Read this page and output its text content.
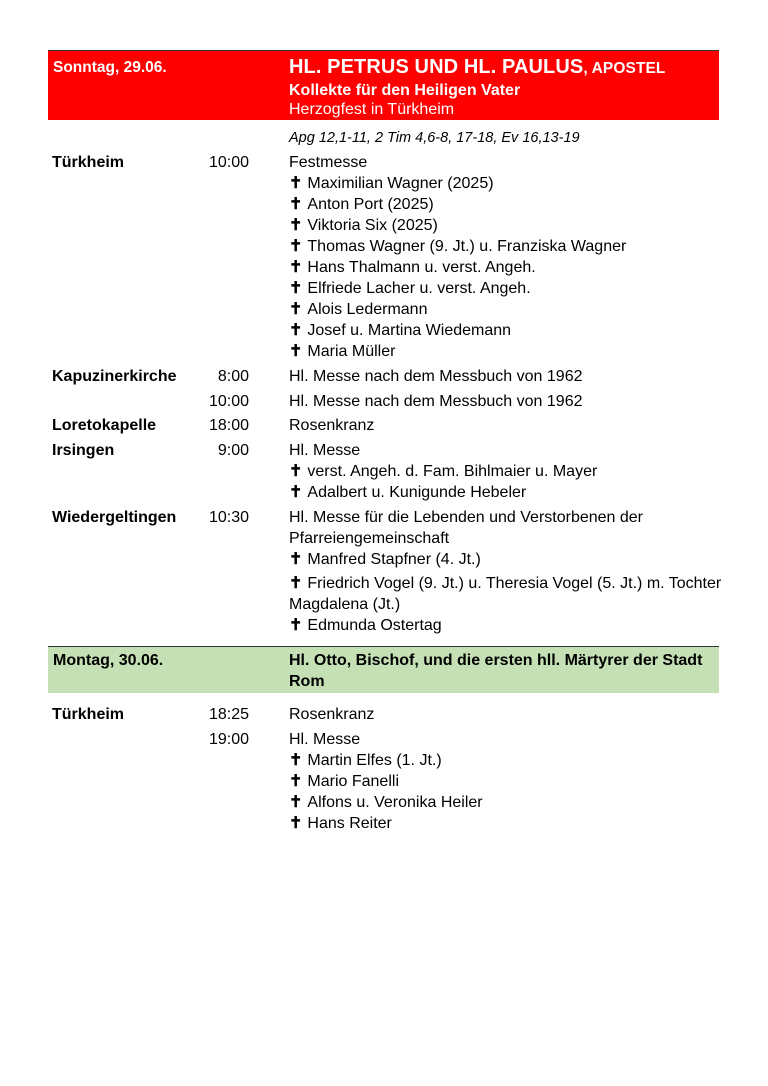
Sonntag, 29.06.	HL. PETRUS UND HL. PAULUS, APOSTEL
Kollekte für den Heiligen Vater
Herzogfest in Türkheim
Apg 12,1-11, 2 Tim 4,6-8, 17-18, Ev 16,13-19
Türkheim	10:00	Festmesse
✝ Maximilian Wagner (2025)
✝ Anton Port (2025)
✝ Viktoria Six (2025)
✝ Thomas Wagner (9. Jt.) u. Franziska Wagner
✝ Hans Thalmann u. verst. Angeh.
✝ Elfriede Lacher u. verst. Angeh.
✝ Alois Ledermann
✝ Josef u. Martina Wiedemann
✝ Maria Müller
Kapuzinerkirche	8:00	Hl. Messe nach dem Messbuch von 1962
10:00	Hl. Messe nach dem Messbuch von 1962
Loretokapelle	18:00	Rosenkranz
Irsingen	9:00	Hl. Messe
✝ verst. Angeh. d. Fam. Bihlmaier u. Mayer
✝ Adalbert u. Kunigunde Hebeler
Wiedergeltingen 10:30	Hl. Messe für die Lebenden und Verstorbenen der Pfarreiengemeinschaft
✝ Manfred Stapfner (4. Jt.)
✝ Friedrich Vogel (9. Jt.) u. Theresia Vogel (5. Jt.) m. Tochter Magdalena (Jt.)
✝ Edmunda Ostertag
Montag, 30.06.	Hl. Otto, Bischof, und die ersten hll. Märtyrer der Stadt Rom
Türkheim	18:25	Rosenkranz
19:00	Hl. Messe
✝ Martin Elfes (1. Jt.)
✝ Mario Fanelli
✝ Alfons u. Veronika Heiler
✝ Hans Reiter
